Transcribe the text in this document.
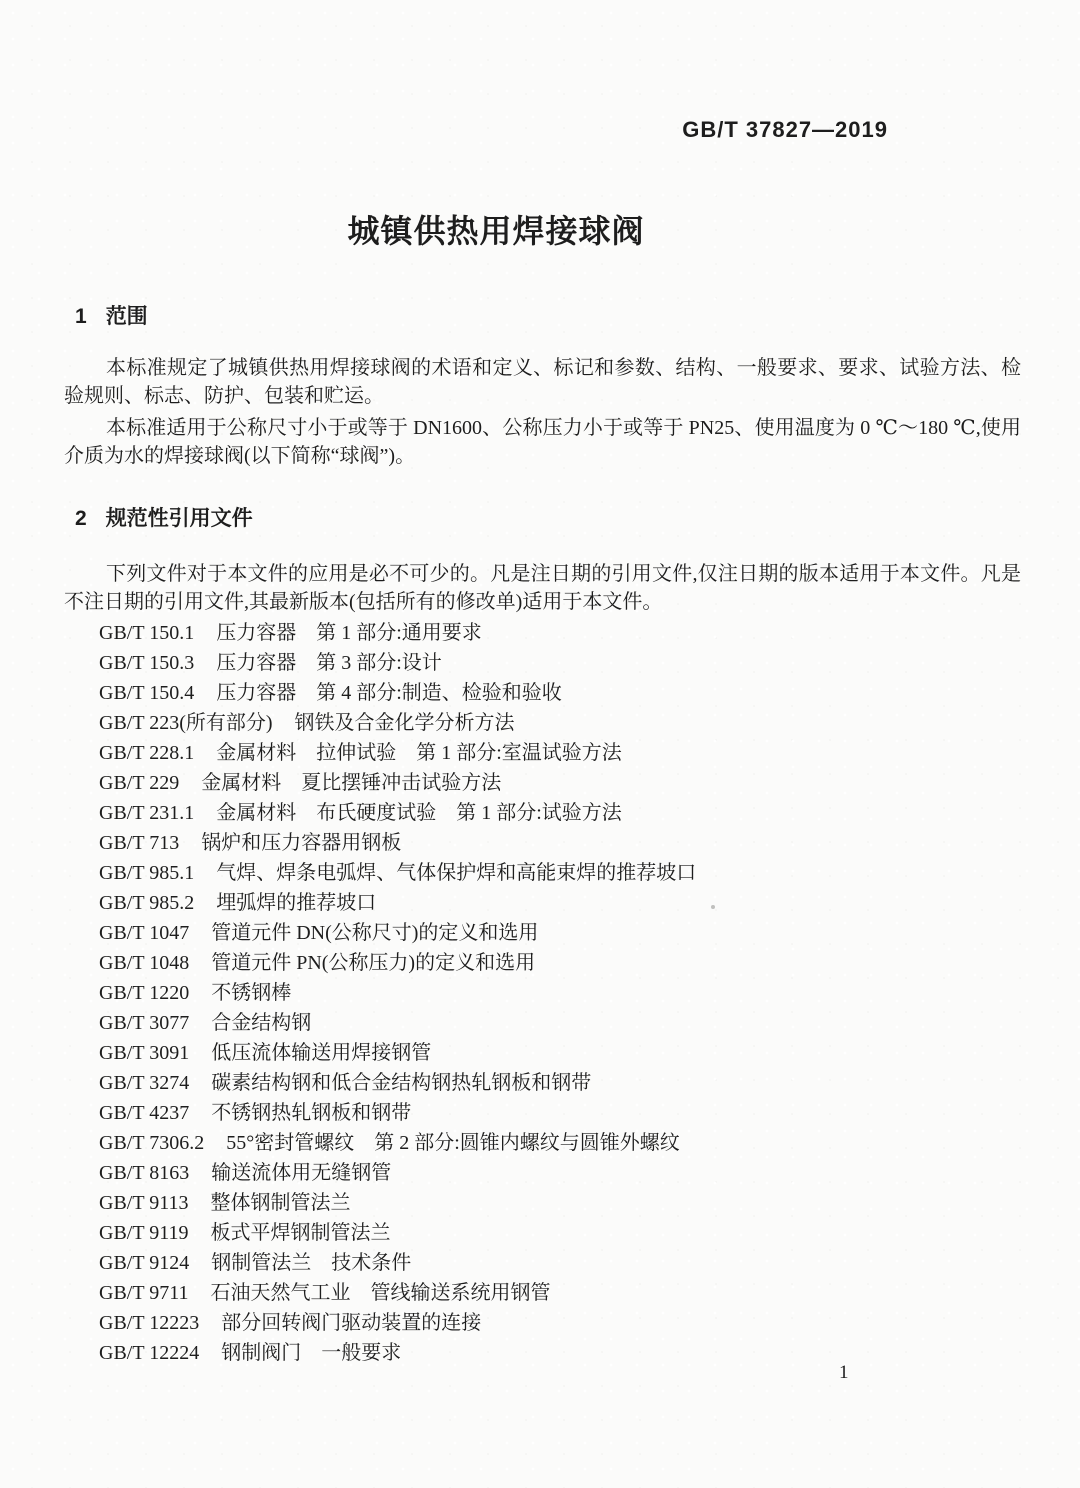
GB/T 37827—2019
城镇供热用焊接球阀
1 范围

本标准规定了城镇供热用焊接球阀的术语和定义、标记和参数、结构、一般要求、要求、试验方法、检验规则、标志、防护、包装和贮运。

本标准适用于公称尺寸小于或等于 DN1600、公称压力小于或等于 PN25、使用温度为 0 ℃～180 ℃,使用介质为水的焊接球阀(以下简称“球阀”)。

2 规范性引用文件

下列文件对于本文件的应用是必不可少的。凡是注日期的引用文件,仅注日期的版本适用于本文件。凡是不注日期的引用文件,其最新版本(包括所有的修改单)适用于本文件。

GB/T 150.1 压力容器　第 1 部分:通用要求
GB/T 150.3 压力容器　第 3 部分:设计
GB/T 150.4 压力容器　第 4 部分:制造、检验和验收
GB/T 223(所有部分) 钢铁及合金化学分析方法
GB/T 228.1 金属材料　拉伸试验　第 1 部分:室温试验方法
GB/T 229 金属材料　夏比摆锤冲击试验方法
GB/T 231.1 金属材料　布氏硬度试验　第 1 部分:试验方法
GB/T 713 锅炉和压力容器用钢板
GB/T 985.1 气焊、焊条电弧焊、气体保护焊和高能束焊的推荐坡口
GB/T 985.2 埋弧焊的推荐坡口
GB/T 1047 管道元件 DN(公称尺寸)的定义和选用
GB/T 1048 管道元件 PN(公称压力)的定义和选用
GB/T 1220 不锈钢棒
GB/T 3077 合金结构钢
GB/T 3091 低压流体输送用焊接钢管
GB/T 3274 碳素结构钢和低合金结构钢热轧钢板和钢带
GB/T 4237 不锈钢热轧钢板和钢带
GB/T 7306.2 55°密封管螺纹　第 2 部分:圆锥内螺纹与圆锥外螺纹
GB/T 8163 输送流体用无缝钢管
GB/T 9113 整体钢制管法兰
GB/T 9119 板式平焊钢制管法兰
GB/T 9124 钢制管法兰　技术条件
GB/T 9711 石油天然气工业　管线输送系统用钢管
GB/T 12223 部分回转阀门驱动装置的连接
GB/T 12224 钢制阀门　一般要求
1
